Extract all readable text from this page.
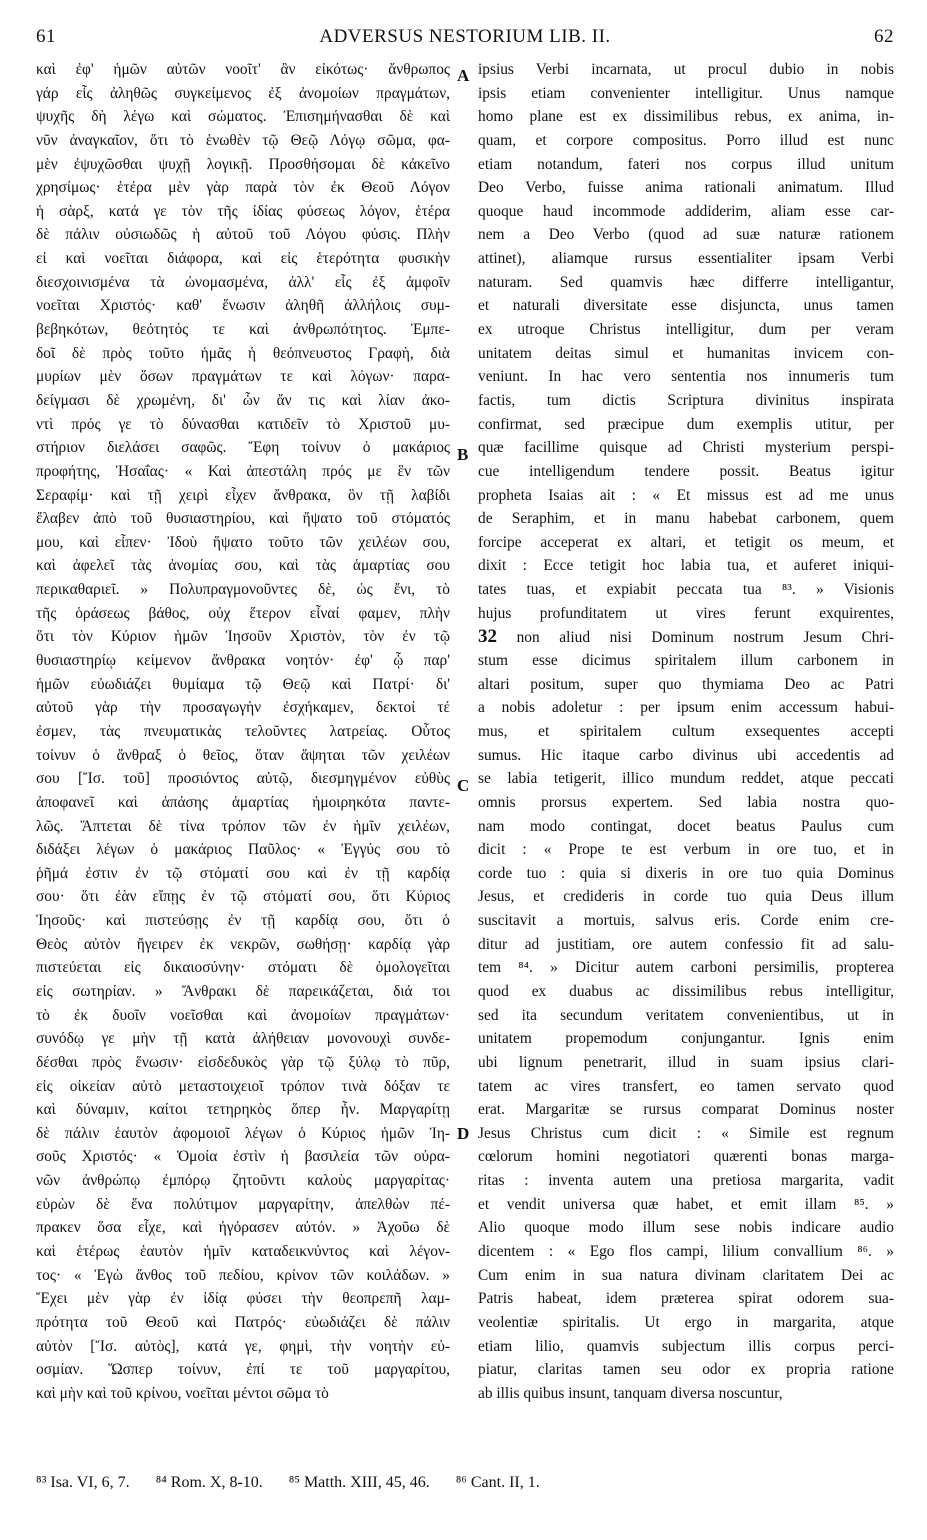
61	ADVERSUS NESTORIUM LIB. II.	62
καὶ ἐφ' ἡμῶν αὐτῶν νοοῖτ' ἂν εἰκότως· ἄνθρωπος
γάρ εἷς ἀληθῶς συγκείμενος ἐξ ἀνομοίων πραγμάτων,
ψυχῆς δὴ λέγω καὶ σώματος. Ἐπισημήνασθαι δὲ καὶ
νῦν ἀναγκαῖον, ὅτι τὸ ἑνωθὲν τῷ Θεῷ Λόγῳ σῶμα, φα-
μὲν ἐψυχῶσθαι ψυχῇ λογικῇ. Προσθήσομαι δὲ κἀκεῖνο
χρησίμως· ἑτέρα μὲν γὰρ παρὰ τὸν ἐκ Θεοῦ Λόγον
ἡ σὰρξ, κατά γε τὸν τῆς ἰδίας φύσεως λόγον, ἑτέρα
δὲ πάλιν οὐσιωδῶς ἡ αὐτοῦ τοῦ Λόγου φύσις. Πλὴν
εἰ καὶ νοεῖται διάφορα, καὶ εἰς ἑτερότητα φυσικὴν
διεσχοινισμένα τὰ ὠνομασμένα, ἀλλ' εἷς ἐξ ἀμφοῖν
νοεῖται Χριστός· καθ' ἕνωσιν ἀληθῆ ἀλλήλοις συμ-
βεβηκότων, θεότητός τε καὶ ἀνθρωπότητος. Ἐμπε-
δοῖ δὲ πρὸς τοῦτο ἡμᾶς ἡ θεόπνευστος Γραφὴ, διὰ
μυρίων μὲν ὅσων πραγμάτων τε καὶ λόγων· παρα-
δείγμασι δὲ χρωμένη, δι' ὧν ἄν τις καὶ λίαν ἀκο-
ντὶ πρός γε τὸ δύνασθαι κατιδεῖν τὸ Χριστοῦ μυ-
στήριον διελάσει σαφῶς. Ἔφη τοίνυν ὁ μακάριος
προφήτης, Ἡσαΐας· « Καὶ ἀπεστάλη πρός με ἓν τῶν
Σεραφίμ· καὶ τῇ χειρὶ εἶχεν ἄνθρακα, ὃν τῇ λαβίδι
ἔλαβεν ἀπὸ τοῦ θυσιαστηρίου, καὶ ἥψατο τοῦ στόματός
μου, καὶ εἶπεν· Ἰδοὺ ἥψατο τοῦτο τῶν χειλέων σου,
καὶ ἀφελεῖ τὰς ἀνομίας σου, καὶ τὰς ἁμαρτίας σου
περικαθαριεῖ. » Πολυπραγμονοῦντες δὲ, ὡς ἔνι, τὸ
τῆς ὁράσεως βάθος, οὐχ ἕτερον εἶναί φαμεν, πλὴν
ὅτι τὸν Κύριον ἡμῶν Ἰησοῦν Χριστὸν, τὸν ἐν τῷ
θυσιαστηρίῳ κείμενον ἄνθρακα νοητόν· ἐφ' ᾧ παρ'
ἡμῶν εὐωδιάζει θυμίαμα τῷ Θεῷ καὶ Πατρί· δι'
αὐτοῦ γὰρ τὴν προσαγωγὴν ἐσχήκαμεν, δεκτοί τέ
ἐσμεν, τὰς πνευματικὰς τελοῦντες λατρείας. Οὗτος
τοίνυν ὁ ἄνθραξ ὁ θεῖος, ὅταν ἅψηται τῶν χειλέων
σου [Ἴσ. τοῦ] προσιόντος αὐτῷ, διεσμηγμένον εὐθὺς
ἀποφανεῖ καὶ ἁπάσης ἁμαρτίας ἠμοιρηκότα παντε-
λῶς. Ἅπτεται δὲ τίνα τρόπον τῶν ἐν ἡμῖν χειλέων,
διδάξει λέγων ὁ μακάριος Παῦλος· « Ἐγγύς σου τὸ
ῥῆμά ἐστιν ἐν τῷ στόματί σου καὶ ἐν τῇ καρδίᾳ
σου· ὅτι ἐὰν εἴπῃς ἐν τῷ στόματί σου, ὅτι Κύριος
Ἰησοῦς· καὶ πιστεύσῃς ἐν τῇ καρδίᾳ σου, ὅτι ὁ
Θεὸς αὐτὸν ἤγειρεν ἐκ νεκρῶν, σωθήσῃ· καρδίᾳ γὰρ
πιστεύεται εἰς δικαιοσύνην· στόματι δὲ ὁμολογεῖται
εἰς σωτηρίαν. » Ἄνθρακι δὲ παρεικάζεται, διά τοι
τὸ ἐκ δυοῖν νοεῖσθαι καὶ ἀνομοίων πραγμάτων·
συνόδῳ γε μὴν τῇ κατὰ ἀλήθειαν μονονουχὶ συνδε-
δέσθαι πρὸς ἕνωσιν· εἰσδεδυκὸς γὰρ τῷ ξύλῳ τὸ πῦρ,
εἰς οἰκείαν αὐτὸ μεταστοιχειοῖ τρόπον τινὰ δόξαν τε
καὶ δύναμιν, καίτοι τετηρηκὸς ὅπερ ἦν. Μαργαρίτῃ
δὲ πάλιν ἑαυτὸν ἀφομοιοῖ λέγων ὁ Κύριος ἡμῶν Ἰη-
σοῦς Χριστός· « Ὁμοία ἐστὶν ἡ βασιλεία τῶν οὐρα-
νῶν ἀνθρώπῳ ἐμπόρῳ ζητοῦντι καλοὺς μαργαρίτας·
εὑρὼν δὲ ἕνα πολύτιμον μαργαρίτην, ἀπελθὼν πέ-
πρακεν ὅσα εἶχε, καὶ ἠγόρασεν αὐτόν. » Ἀχοῦω δὲ
καὶ ἑτέρως ἑαυτὸν ἡμῖν καταδεικνύντος καὶ λέγον-
τος· « Ἐγὼ ἄνθος τοῦ πεδίου, κρίνον τῶν κοιλάδων. »
Ἔχει μὲν γὰρ ἐν ἰδίᾳ φύσει τὴν θεοπρεπῆ λαμ-
πρότητα τοῦ Θεοῦ καὶ Πατρός· εὐωδιάζει δὲ πάλιν
αὐτὸν [Ἴσ. αὐτὸς], κατά γε, φημὶ, τὴν νοητὴν εὐ-
οσμίαν. Ὥσπερ τοίνυν, ἐπί τε τοῦ μαργαρίτου,
καὶ μὴν καὶ τοῦ κρίνου, νοεῖται μέντοι σῶμα τὸ
ipsius Verbi incarnata, ut procul dubio in nobis
ipsis etiam convenienter intelligitur. Unus namque
homo plane est ex dissimilibus rebus, ex anima, in-
quam, et corpore compositus. Porro illud est nunc
etiam notandum, fateri nos corpus illud unitum
Deo Verbo, fuisse anima rationali animatum. Illud
quoque haud incommode addiderim, aliam esse car-
nem a Deo Verbo (quod ad suæ naturæ rationem
attinet), aliamque rursus essentialiter ipsam Verbi
naturam. Sed quamvis hæc differre intelligantur,
et naturali diversitate esse disjuncta, unus tamen
ex utroque Christus intelligitur, dum per veram
unitatem deitas simul et humanitas invicem con-
veniunt. In hac vero sententia nos innumeris tum
factis, tum dictis Scriptura divinitus inspirata
confirmat, sed præcipue dum exemplis utitur, per
quæ facillime quisque ad Christi mysterium perspi-
cue intelligendum tendere possit. Beatus igitur
propheta Isaias ait : « Et missus est ad me unus
de Seraphim, et in manu habebat carbonem, quem
forcipe acceperat ex altari, et tetigit os meum, et
dixit : Ecce tetigit hoc labia tua, et auferet iniqui-
tates tuas, et expiabit peccata tua ⁸³. » Visionis
hujus profunditatem ut vires ferunt exquirentes,
32 non aliud nisi Dominum nostrum Jesum Chri-
stum esse dicimus spiritalem illum carbonem in
altari positum, super quo thymiama Deo ac Patri
a nobis adoletur : per ipsum enim accessum habui-
mus, et spiritalem cultum exsequentes accepti
sumus. Hic itaque carbo divinus ubi accedentis ad
se labia tetigerit, illico mundum reddet, atque peccati
omnis prorsus expertem. Sed labia nostra quo-
nam modo contingat, docet beatus Paulus cum
dicit : « Prope te est verbum in ore tuo, et in
corde tuo : quia si dixeris in ore tuo quia Dominus
Jesus, et credideris in corde tuo quia Deus illum
suscitavit a mortuis, salvus eris. Corde enim cre-
ditur ad justitiam, ore autem confessio fit ad salu-
tem ⁸⁴. » Dicitur autem carboni persimilis, propterea
quod ex duabus ac dissimilibus rebus intelligitur,
sed ita secundum veritatem convenientibus, ut in
unitatem propemodum conjungantur. Ignis enim
ubi lignum penetrarit, illud in suam ipsius clari-
tatem ac vires transfert, eo tamen servato quod
erat. Margaritæ se rursus comparat Dominus noster
Jesus Christus cum dicit : « Simile est regnum
cœlorum homini negotiatori quærenti bonas marga-
ritas : inventa autem una pretiosa margarita, vadit
et vendit universa quæ habet, et emit illam ⁸⁵. »
Alio quoque modo illum sese nobis indicare audio
dicentem : « Ego flos campi, lilium convallium ⁸⁶. »
Cum enim in sua natura divinam claritatem Dei ac
Patris habeat, idem præterea spirat odorem sua-
veolentiæ spiritalis. Ut ergo in margarita, atque
etiam lilio, quamvis subjectum illis corpus perci-
piatur, claritas tamen seu odor ex propria ratione
ab illis quibus insunt, tanquam diversa noscuntur,
A
B
C
D
⁸³ Isa. VI, 6, 7. ⁸⁴ Rom. X, 8-10. ⁸⁵ Matth. XIII, 45, 46. ⁸⁶ Cant. II, 1.
